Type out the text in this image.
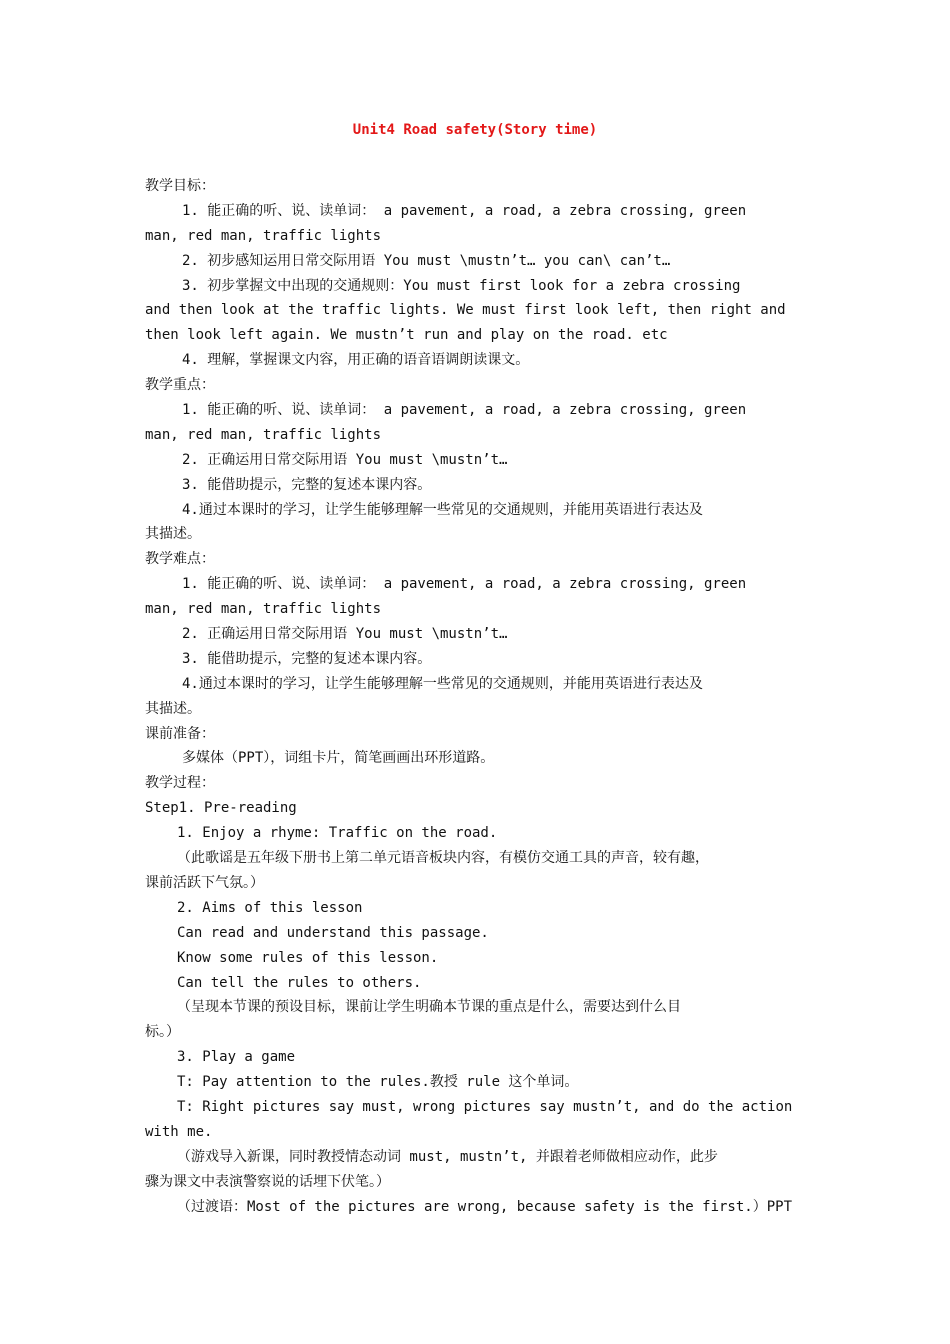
Unit4 Road safety(Story time)
教学目标：
1. 能正确的听、说、读单词： a pavement, a road, a zebra crossing, green
man, red man, traffic lights
2. 初步感知运用日常交际用语 You must \mustn’t… you can\ can’t…
3. 初步掌握文中出现的交通规则：You must first look for a zebra crossing
and then look at the traffic lights. We must first look left, then right and
then look left again. We mustn’t run and play on the road. etc
4. 理解，掌握课文内容，用正确的语音语调朗读课文。
教学重点：
1. 能正确的听、说、读单词： a pavement, a road, a zebra crossing, green
man, red man, traffic lights
2. 正确运用日常交际用语 You must \mustn’t…
3. 能借助提示，完整的复述本课内容。
4.通过本课时的学习，让学生能够理解一些常见的交通规则，并能用英语进行表达及
其描述。
教学难点：
1. 能正确的听、说、读单词： a pavement, a road, a zebra crossing, green
man, red man, traffic lights
2. 正确运用日常交际用语 You must \mustn’t…
3. 能借助提示，完整的复述本课内容。
4.通过本课时的学习，让学生能够理解一些常见的交通规则，并能用英语进行表达及
其描述。
课前准备：
多媒体（PPT），词组卡片，简笔画画出环形道路。
教学过程：
Step1. Pre-reading
1. Enjoy a rhyme: Traffic on the road.
（此歌谣是五年级下册书上第二单元语音板块内容，有模仿交通工具的声音，较有趣，
课前活跃下气氛。）
2. Aims of this lesson
Can read and understand this passage.
Know some rules of this lesson.
Can tell the rules to others.
（呈现本节课的预设目标，课前让学生明确本节课的重点是什么，需要达到什么目
标。）
3. Play a game
T: Pay attention to the rules.教授 rule 这个单词。
T: Right pictures say must, wrong pictures say mustn’t, and do the action
with me.
（游戏导入新课，同时教授情态动词 must, mustn’t, 并跟着老师做相应动作，此步
骤为课文中表演警察说的话埋下伏笔。）
（过渡语：Most of the pictures are wrong, because safety is the first.）PPT
